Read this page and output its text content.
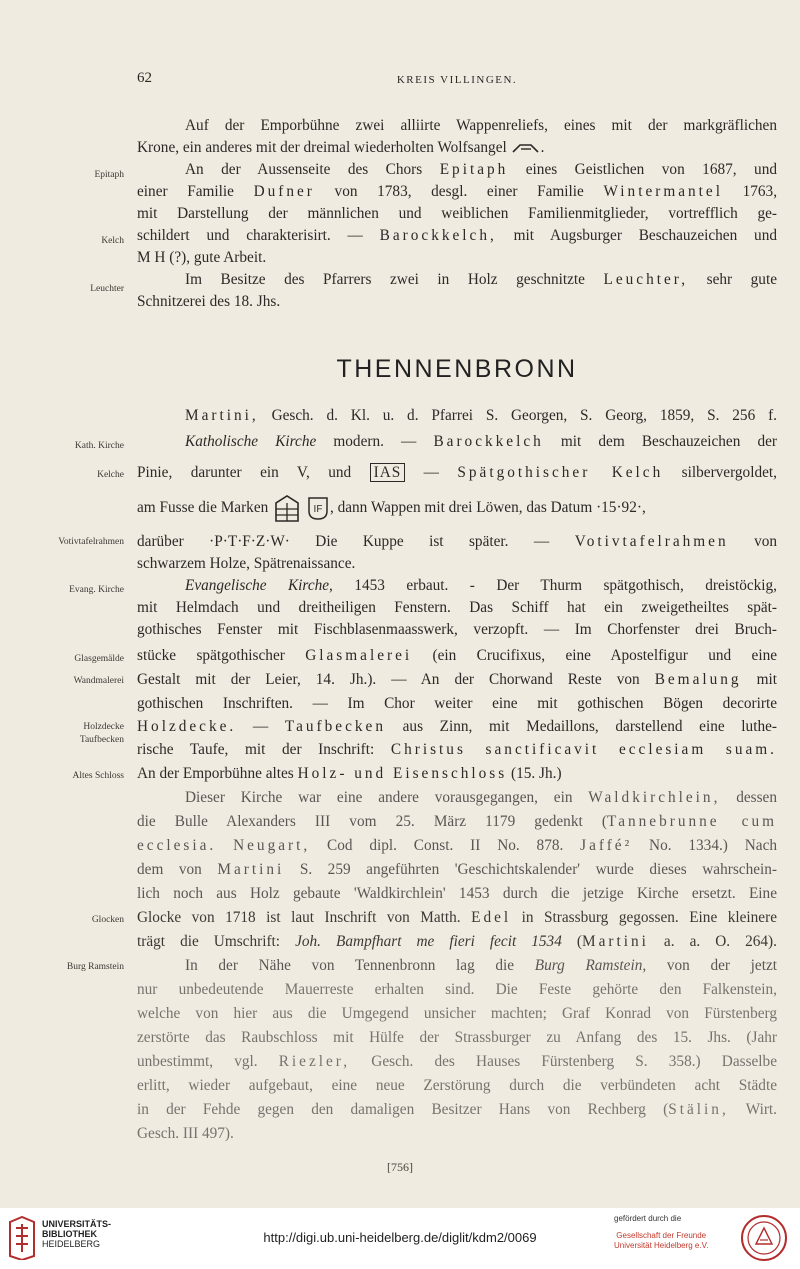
62	KREIS VILLINGEN.
Epitaph
Kelch
Leuchter
Kath. Kirche
Kelche
Votivtafelrahmen
Evang. Kirche
Glasgemälde
Wandmalerei
Holzdecke
Taufbecken
Altes Schloss
Glocken
Burg Ramstein
Auf der Emporbühne zwei alliirte Wappenreliefs, eines mit der markgräflichen
Krone, ein anderes mit der dreimal wiederholten Wolfsangel .
An der Aussenseite des Chors Epitaph eines Geistlichen von 1687, und
einer Familie Dufner von 1783, desgl. einer Familie Wintermantel 1763,
mit Darstellung der männlichen und weiblichen Familienmitglieder, vortrefflich ge-
schildert und charakterisirt. — Barockkelch, mit Augsburger Beschauzeichen und
M H (?), gute Arbeit.
Im Besitze des Pfarrers zwei in Holz geschnitzte Leuchter, sehr gute
Schnitzerei des 18. Jhs.
THENNENBRONN
Martini, Gesch. d. Kl. u. d. Pfarrei S. Georgen, S. Georg, 1859, S. 256 f.
Katholische Kirche modern. — Barockkelch mit dem Beschauzeichen der
Pinie, darunter ein V, und IAS — Spätgothischer Kelch silbervergoldet,
am Fusse die Marken	IF , dann Wappen mit drei Löwen, das Datum ·15·92·,
darüber ·P·T·F·Z·W· Die Kuppe ist später. — Votivtafelrahmen von
schwarzem Holze, Spätrenaissance.
Evangelische Kirche, 1453 erbaut. - Der Thurm spätgothisch, dreistöckig,
mit Helmdach und dreitheiligen Fenstern. Das Schiff hat ein zweigetheiltes spät-
gothisches Fenster mit Fischblasenmaasswerk, verzopft. — Im Chorfenster drei Bruch-
stücke spätgothischer Glasmalerei (ein Crucifixus, eine Apostelfigur und eine
Gestalt mit der Leier, 14. Jh.). — An der Chorwand Reste von Bemalung mit
gothischen Inschriften. — Im Chor weiter eine mit gothischen Bögen decorirte
Holzdecke. — Taufbecken aus Zinn, mit Medaillons, darstellend eine luthe-
rische Taufe, mit der Inschrift: Christus sanctificavit ecclesiam suam.
An der Emporbühne altes Holz- und Eisenschloss (15. Jh.)
Dieser Kirche war eine andere vorausgegangen, ein Waldkirchlein, dessen
die Bulle Alexanders III vom 25. März 1179 gedenkt (Tannebrunne cum
ecclesia. Neugart, Cod dipl. Const. II No. 878. Jaffé² No. 1334.) Nach
dem von Martini S. 259 angeführten 'Geschichtskalender' wurde dieses wahrschein-
lich noch aus Holz gebaute 'Waldkirchlein' 1453 durch die jetzige Kirche ersetzt. Eine
Glocke von 1718 ist laut Inschrift von Matth. Edel in Strassburg gegossen. Eine kleinere
trägt die Umschrift: Joh. Bampfhart me fieri fecit 1534 (Martini a. a. O. 264).
In der Nähe von Tennenbronn lag die Burg Ramstein, von der jetzt
nur unbedeutende Mauerreste erhalten sind. Die Feste gehörte den Falkenstein,
welche von hier aus die Umgegend unsicher machten; Graf Konrad von Fürstenberg
zerstörte das Raubschloss mit Hülfe der Strassburger zu Anfang des 15. Jhs. (Jahr
unbestimmt, vgl. Riezler, Gesch. des Hauses Fürstenberg S. 358.) Dasselbe
erlitt, wieder aufgebaut, eine neue Zerstörung durch die verbündeten acht Städte
in der Fehde gegen den damaligen Besitzer Hans von Rechberg (Stälin, Wirt.
Gesch. III 497).
[756]
UNIVERSITÄTS-
BIBLIOTHEK
HEIDELBERG	http://digi.ub.uni-heidelberg.de/diglit/kdm2/0069
gefördert durch die
Gesellschaft der Freunde
Universität Heidelberg e.V.
